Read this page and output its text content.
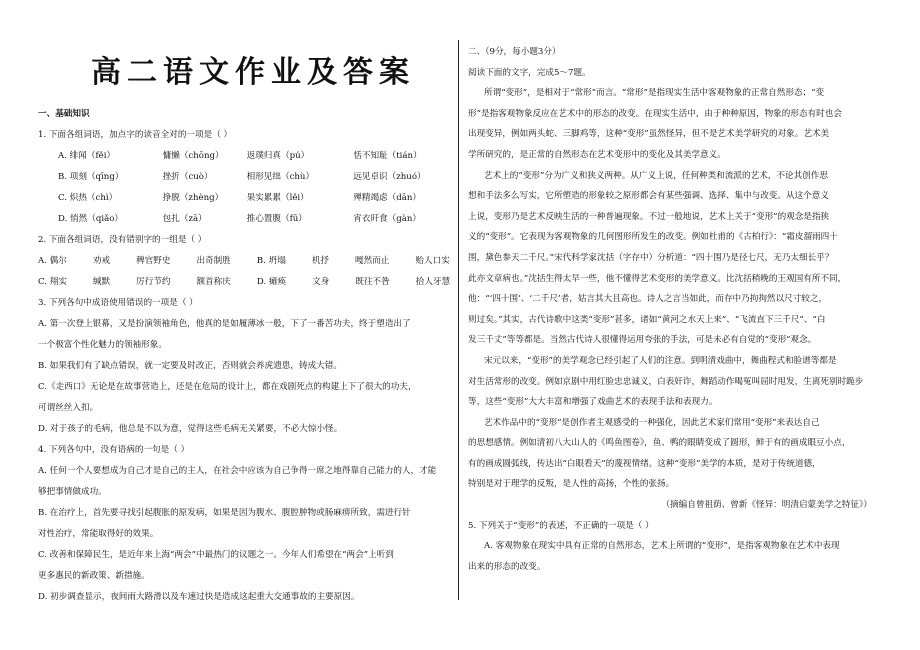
高二语文作业及答案
一、基础知识
1. 下面各组词语，加点字的读音全对的一项是（ ）
A. 绯闻（fěi）	慵懒（chōng）	返璞归真（pú）	恬不知耻（tián）
B. 项刻（qīng）	挫折（cuò）	相形见绌（chù）	远见卓识（zhuó）
C. 炽热（chì）	挣脱（zhèng）	果实累累（lěi）	殚精竭虑（dān）
D. 悄然（qiǎo）	包扎（zā）	推心置腹（fū）	宵衣旰食（gàn）
2. 下面各组词语，没有错别字的一组是（ ）
A. 偶尔	劝戒	稗官野史	出奇制胜	B. 坍塌	机抒	嘎然而止	贻人口实
C. 翔实	缄默	厉行节约	额首称庆	D. 瘫痪	文身	既往不咎	拾人牙慧
3. 下列各句中成语使用错误的一项是（ ）
A. 第一次登上银幕，又是扮演领袖角色，他真的是如履薄冰一般，下了一番苦功夫，终于塑造出了
一个极富个性化魅力的领袖形象。
B. 如果我们有了缺点错误，就一定要及时改正，否则就会养虎遗患，铸成大错。
C.《走西口》无论是在故事营造上，还是在危局的设计上，都在戏剧死点的构建上下了很大的功夫，
可谓丝丝入扣。
D. 对于孩子的毛病，他总是不以为意，觉得这些毛病无关紧要，不必大惊小怪。
4. 下列各句中，没有语病的一句是（ ）
A. 任何一个人要想成为自己才是自己的主人，在社会中应该为自己争得一席之地得靠自己能力的人，才能
够把事情做成功。
B. 在治疗上，首先要寻找引起腹胀的原发病，如果是因为腹水、腹腔肿物或肠麻痹所致，需进行针
对性治疗，常能取得好的效果。
C. 改善和保障民生，是近年来上海“两会”中最热门的议题之一。今年人们希望在“两会”上听到
更多惠民的新政策、新措施。
D. 初步调查显示，夜间雨大路滑以及车速过快是造成这起重大交通事故的主要原因。
二、（9分，每小题3分）
阅读下面的文字，完成5～7题。
所谓“变形”，是相对于“常形”而言。“常形”是指现实生活中客观物象的正常自然形态；“变
形”是指客观物象反应在艺术中的形态的改变。在现实生活中，由于种种原因，物象的形态有时也会
出现变异，例如两头蛇、三脚鸡等，这种“变形”虽然怪异，但不是艺术美学研究的对象。艺术美
学所研究的，是正常的自然形态在艺术变形中的变化及其美学意义。
艺术上的“变形”分为广义和狭义两种。从广义上说，任何种类和流派的艺术，不论其创作思
想和手法多么写实，它所塑造的形象较之原形都会有某些强调、选择、集中与改变。从这个意义
上说，变形乃是艺术反映生活的一种普遍现象。不过一般地说，艺术上关于“变形”的观念是指狭
义的“变形”。它表现为客观物象的几何图形所发生的改变。例如杜甫的《古柏行》：“霜皮溜雨四十
围，黛色参天二千尺。”宋代科学家沈括（字存中）分析道：“四十围乃是径七尺，无乃太细长乎？
此亦文章病也。”沈括生得太早一些，他不懂得艺术变形的美学意义。比沈括稍晚的王观国有所不同，
他：“‘四十围’、‘二千尺’者，姑言其大且高也。诗人之言当如此，而存中乃拘拘然以尺寸较之，
则过矣。”其实，古代诗歌中这类“变形”甚多，诸如“黄河之水天上来”、“飞流直下三千尺”、“白
发三千丈”等等都是。当然古代诗人很懂得运用夸张的手法，可是未必有自觉的“变形”观念。
宋元以来，“变形”的美学观念已经引起了人们的注意。到明清戏曲中，舞曲程式和脸谱等都是
对生活常形的改变。例如京剧中用红脸忠忠诚义，白表奸诈，舞蹈动作喝冤叫屈时甩发，生离死别时跪步
等，这些“变形”大大丰富和增强了戏曲艺术的表现手法和表现力。
艺术作品中的“变形”是创作者主观感受的一种强化，因此艺术家们常用“变形”来表达自己
的思想感情。例如清初八大山人的《鸣鱼图卷》，鱼、鸭的眼睛变成了圆形，鲜于有的画成眼豆小点，
有的画成圆弧线，传达出“白眼看天”的蔑视情绪。这种“变形”美学的本质，是对于传统道德，
特别是对于理学的反叛，是人性的高扬，个性的张扬。
（摘编自曾祖荫、曾新《怪异：明清启蒙美学之特征》）
5. 下列关于“变形”的表述，不正确的一项是（ ）
A. 客观物象在现实中具有正常的自然形态，艺术上所谓的“变形”，是指客观物象在艺术中表现
出来的形态的改变。
